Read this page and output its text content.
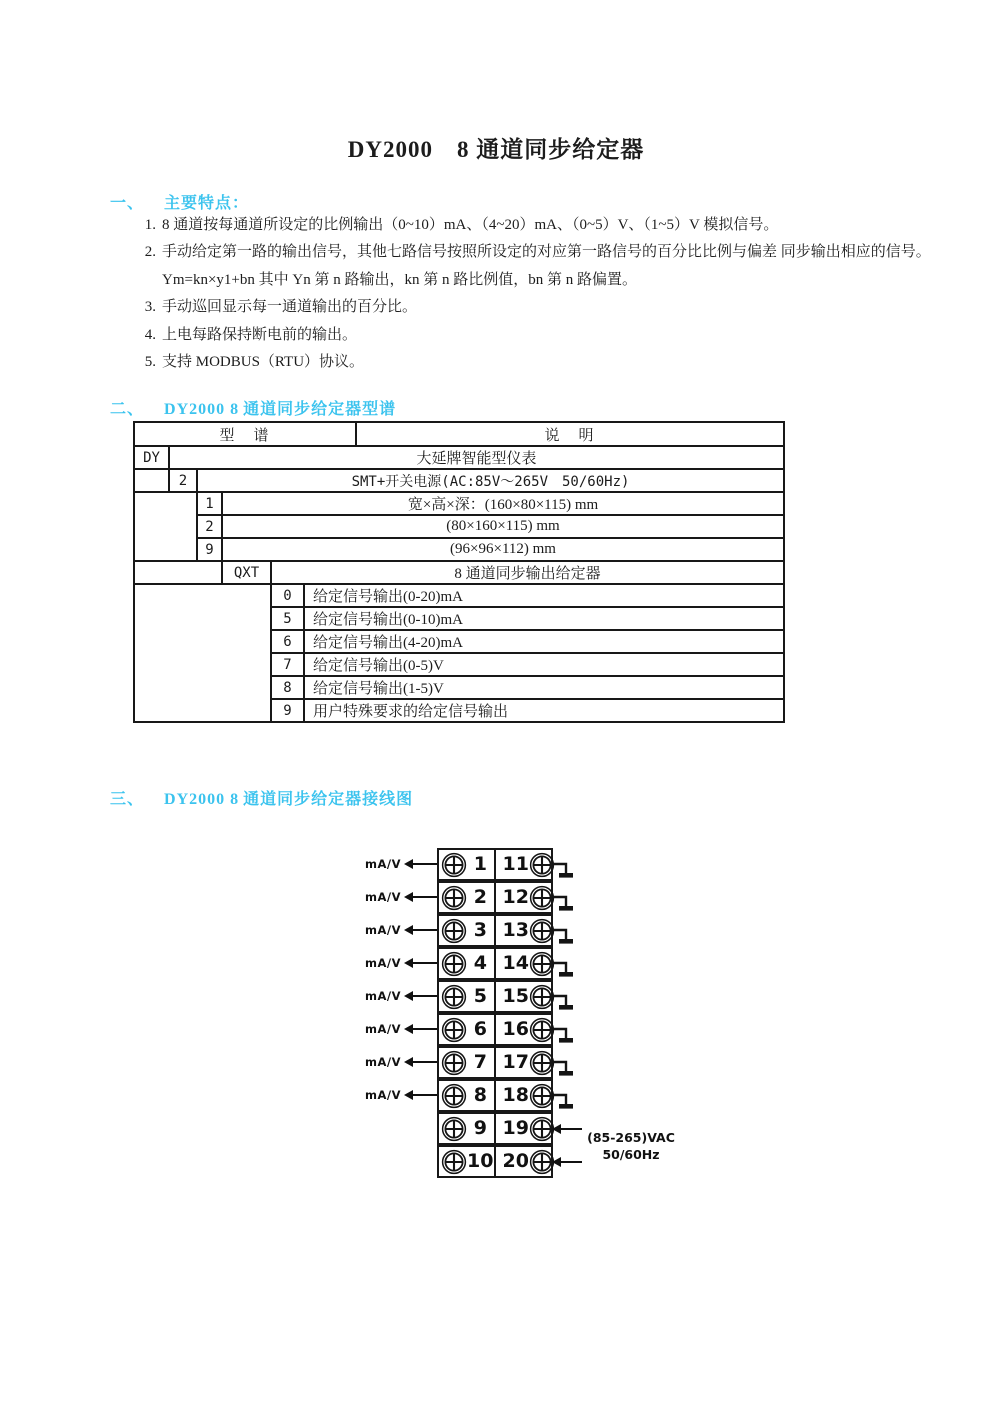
DY2000　8 通道同步给定器
一、 主要特点：
1. 8 通道按每通道所设定的比例输出（0~10）mA、（4~20）mA、（0~5）V、（1~5）V 模拟信号。
2. 手动给定第一路的输出信号，其他七路信号按照所设定的对应第一路信号的百分比比例与偏差 同步输出相应的信号。Ym=kn×y1+bn 其中 Yn 第 n 路输出，kn 第 n 路比例值，bn 第 n 路偏置。
3. 手动巡回显示每一通道输出的百分比。
4. 上电每路保持断电前的输出。
5. 支持 MODBUS（RTU）协议。
二、 DY2000 8 通道同步给定器型谱
型　谱						说　明
DY	大延牌智能型仪表					
	2	SMT+开关电源(AC:85V～265V　50/60Hz)				
		1	宽×高×深：(160×80×115) mm			
		2	(80×160×115) mm			
		9	(96×96×112) mm			
			QXT	8 通道同步输出给定器		
				0	给定信号输出(0-20)mA	
				5	给定信号输出(0-10)mA	
				6	给定信号输出(4-20)mA	
				7	给定信号输出(0-5)V	
				8	给定信号输出(1-5)V	
				9	用户特殊要求的给定信号输出	
三、 DY2000 8 通道同步给定器接线图
1 11
2 12
3 13
4 14
5 15
6 16
7 17
8 18
9 19
10 20
mA/V
mA/V
mA/V
mA/V
mA/V
mA/V
mA/V
mA/V
(85-265)VAC
50/60Hz
